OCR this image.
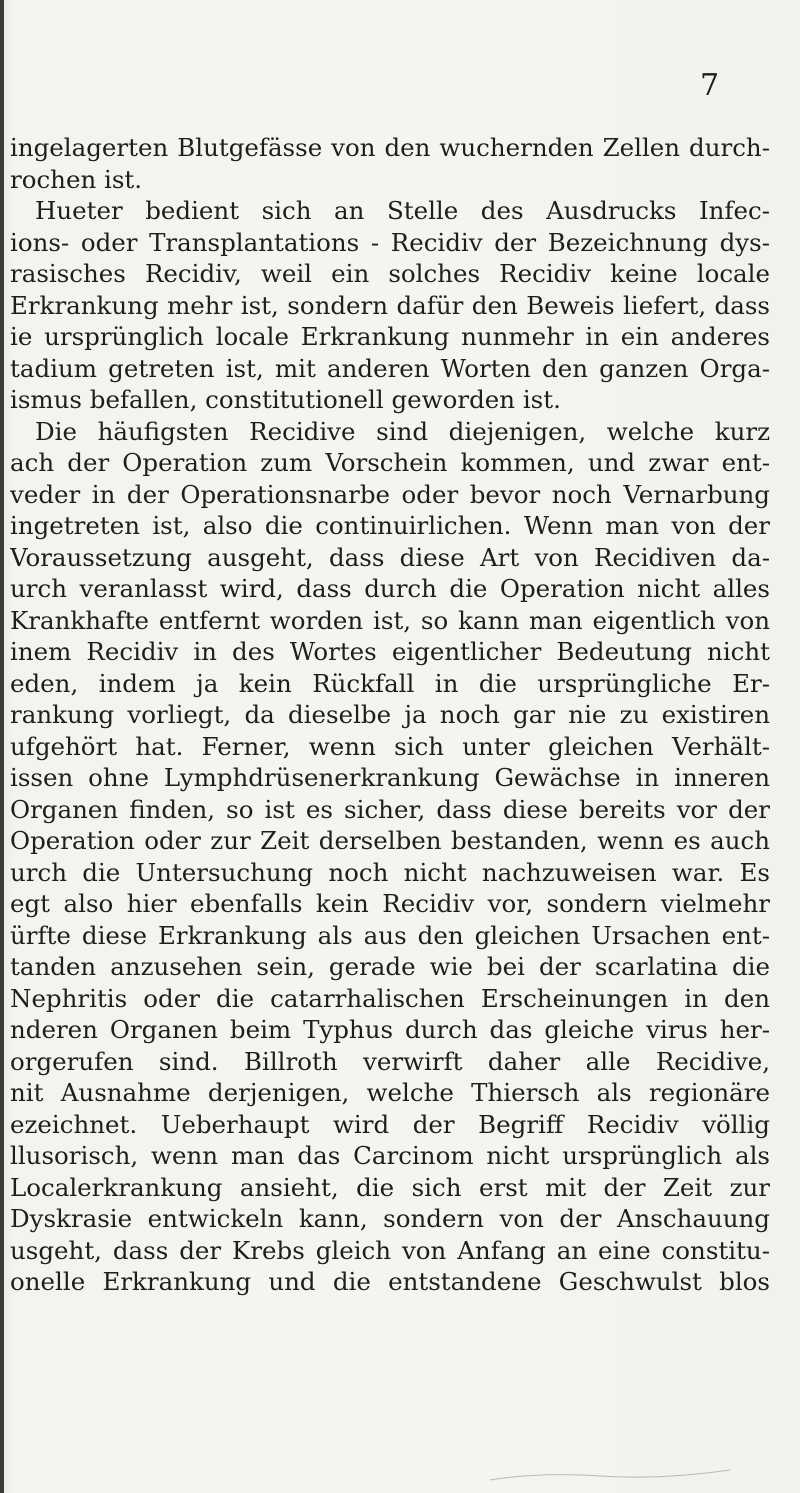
7
ingelagerten Blutgefässe von den wuchernden Zellen durch-
rochen ist.
Hueter bedient sich an Stelle des Ausdrucks Infec-
ions- oder Transplantations - Recidiv der Bezeichnung dys-
rasisches Recidiv, weil ein solches Recidiv keine locale
Erkrankung mehr ist, sondern dafür den Beweis liefert, dass
ie ursprünglich locale Erkrankung nunmehr in ein anderes
tadium getreten ist, mit anderen Worten den ganzen Orga-
ismus befallen, constitutionell geworden ist.
Die häufigsten Recidive sind diejenigen, welche kurz
ach der Operation zum Vorschein kommen, und zwar ent-
veder in der Operationsnarbe oder bevor noch Vernarbung
ingetreten ist, also die continuirlichen. Wenn man von der
Voraussetzung ausgeht, dass diese Art von Recidiven da-
urch veranlasst wird, dass durch die Operation nicht alles
Krankhafte entfernt worden ist, so kann man eigentlich von
inem Recidiv in des Wortes eigentlicher Bedeutung nicht
eden, indem ja kein Rückfall in die ursprüngliche Er-
rankung vorliegt, da dieselbe ja noch gar nie zu existiren
ufgehört hat. Ferner, wenn sich unter gleichen Verhält-
issen ohne Lymphdrüsenerkrankung Gewächse in inneren
Organen finden, so ist es sicher, dass diese bereits vor der
Operation oder zur Zeit derselben bestanden, wenn es auch
urch die Untersuchung noch nicht nachzuweisen war. Es
egt also hier ebenfalls kein Recidiv vor, sondern vielmehr
ürfte diese Erkrankung als aus den gleichen Ursachen ent-
tanden anzusehen sein, gerade wie bei der scarlatina die
Nephritis oder die catarrhalischen Erscheinungen in den
nderen Organen beim Typhus durch das gleiche virus her-
orgerufen sind. Billroth verwirft daher alle Recidive,
nit Ausnahme derjenigen, welche Thiersch als regionäre
ezeichnet. Ueberhaupt wird der Begriff Recidiv völlig
llusorisch, wenn man das Carcinom nicht ursprünglich als
Localerkrankung ansieht, die sich erst mit der Zeit zur
Dyskrasie entwickeln kann, sondern von der Anschauung
usgeht, dass der Krebs gleich von Anfang an eine constitu-
onelle Erkrankung und die entstandene Geschwulst blos
